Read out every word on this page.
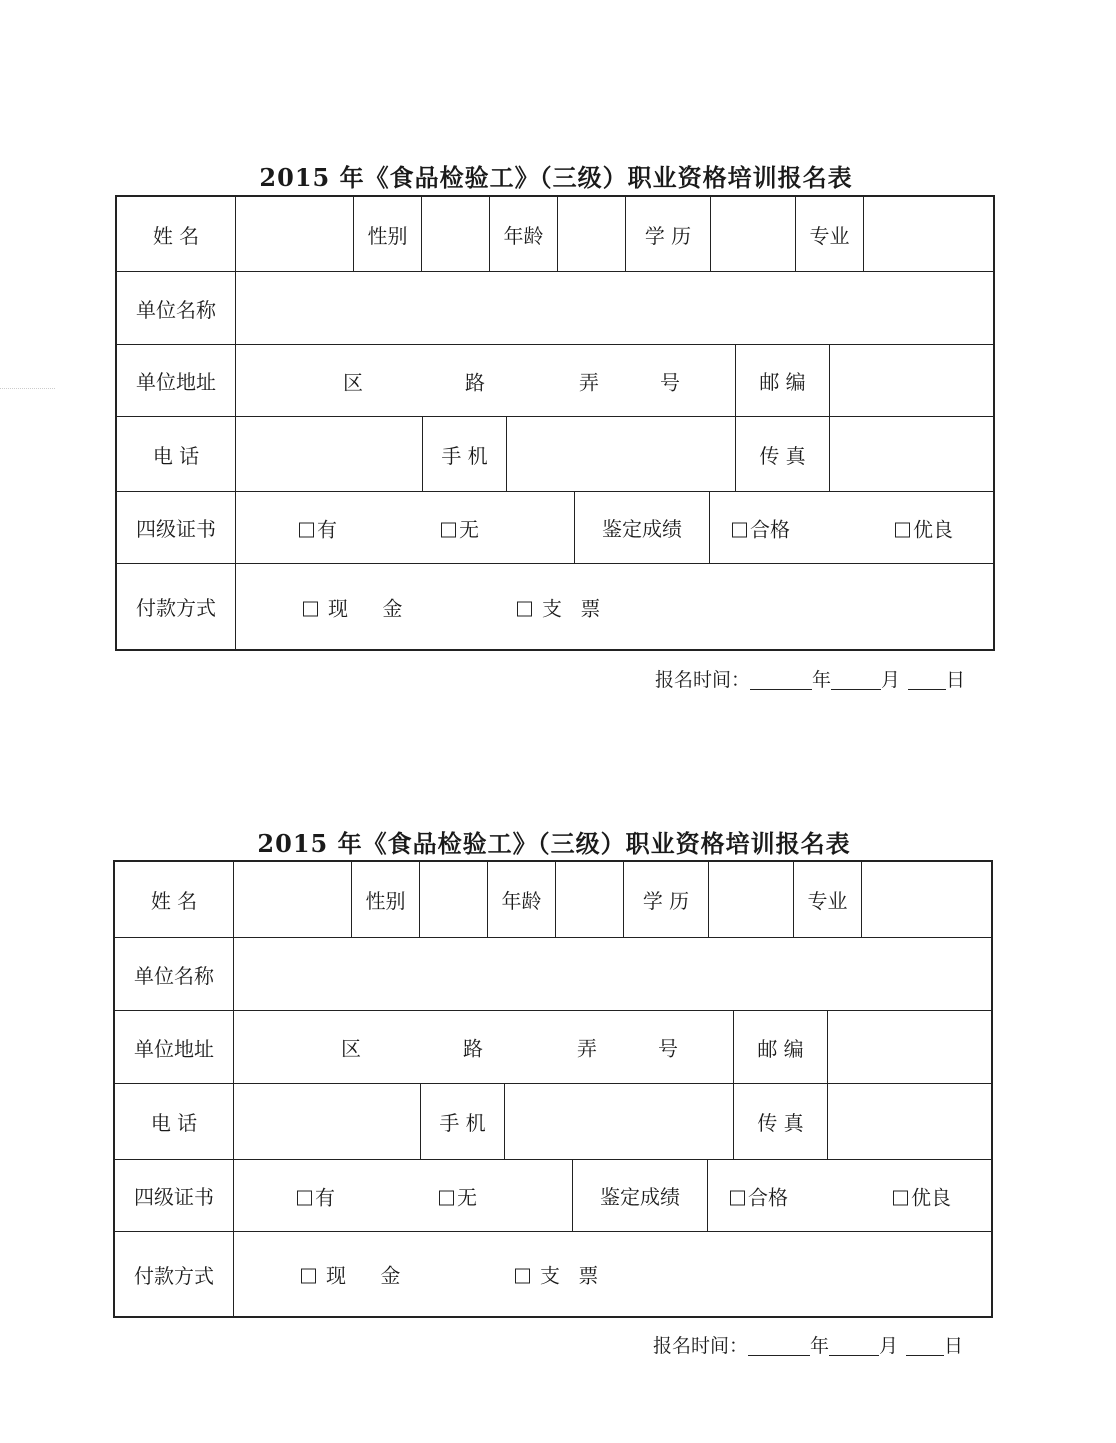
2015 年《食品检验工》（三级）职业资格培训报名表
姓 名	性别	年龄	学 历	专业
单位名称
单位地址	区	路	弄	号	邮 编
电 话	手 机	传 真
四级证书	有	无	鉴定成绩	合格	优良
付款方式	现 金	支 票
报名时间：	年	月 日
2015 年《食品检验工》（三级）职业资格培训报名表
姓 名	性别	年龄	学 历	专业
单位名称
单位地址	区	路	弄	号	邮 编
电 话	手 机	传 真
四级证书	有	无	鉴定成绩	合格	优良
付款方式	现 金	支 票
报名时间：	年	月 日
